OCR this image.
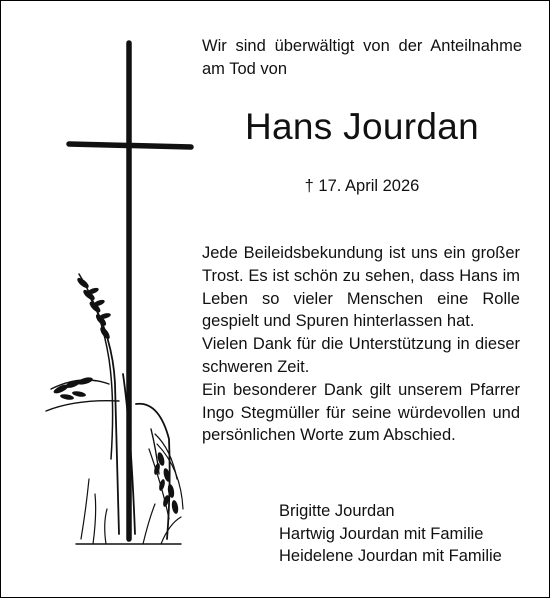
Wir sind überwältigt von der Anteilnahme am Tod von

Hans Jourdan

† 17. April 2026

Jede Beileidsbekundung ist uns ein großer Trost. Es ist schön zu sehen, dass Hans im Leben so vieler Menschen eine Rolle gespielt und Spuren hinterlassen hat.

Vielen Dank für die Unterstützung in dieser schweren Zeit.

Ein besonderer Dank gilt unserem Pfarrer Ingo Stegmüller für seine würdevollen und persönlichen Worte zum Abschied.

Brigitte Jourdan
Hartwig Jourdan mit Familie
Heidelene Jourdan mit Familie
